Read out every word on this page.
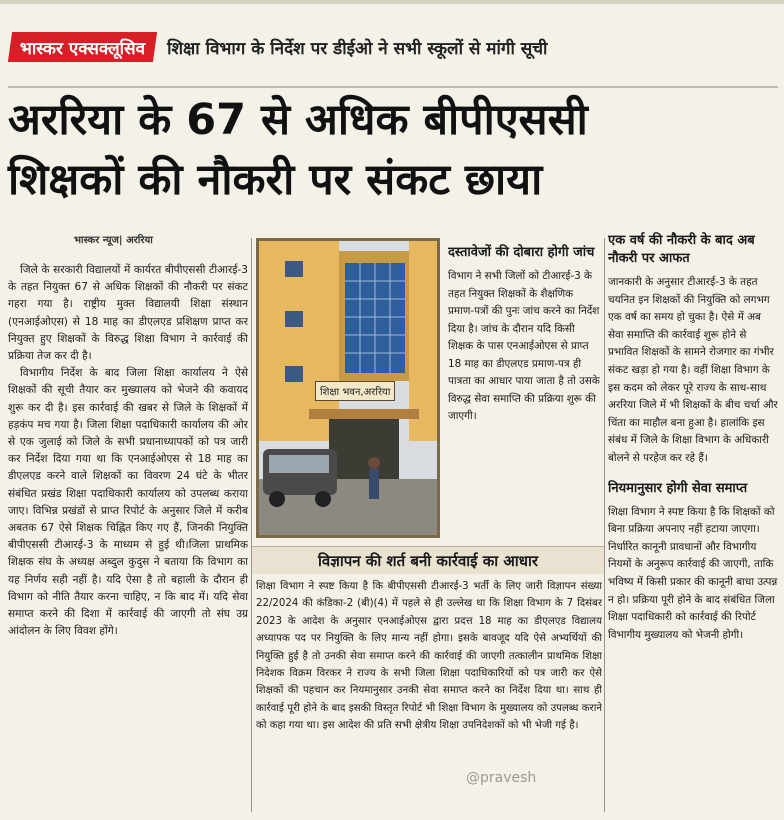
भास्कर एक्सक्लूसिव शिक्षा विभाग के निर्देश पर डीईओ ने सभी स्कूलों से मांगी सूची
अररिया के 67 से अधिक बीपीएससी
शिक्षकों की नौकरी पर संकट छाया
भास्कर न्यूज| अररिया

जिले के सरकारी विद्यालयों में कार्यरत बीपीएससी टीआरई-3 के तहत नियुक्त 67 से अधिक शिक्षकों की नौकरी पर संकट गहरा गया है। राष्ट्रीय मुक्त विद्यालयी शिक्षा संस्थान (एनआईओएस) से 18 माह का डीएलएड प्रशिक्षण प्राप्त कर नियुक्त हुए शिक्षकों के विरुद्ध शिक्षा विभाग ने कार्रवाई की प्रक्रिया तेज कर दी है।

विभागीय निर्देश के बाद जिला शिक्षा कार्यालय ने ऐसे शिक्षकों की सूची तैयार कर मुख्यालय को भेजने की कवायद शुरू कर दी है। इस कार्रवाई की खबर से जिले के शिक्षकों में हड़कंप मच गया है। जिला शिक्षा पदाधिकारी कार्यालय की ओर से एक जुलाई को जिले के सभी प्रधानाध्यापकों को पत्र जारी कर निर्देश दिया गया था कि एनआईओएस से 18 माह का डीएलएड करने वाले शिक्षकों का विवरण 24 घंटे के भीतर संबंधित प्रखंड शिक्षा पदाधिकारी कार्यालय को उपलब्ध कराया जाए। विभिन्न प्रखंडों से प्राप्त रिपोर्ट के अनुसार जिले में करीब अबतक 67 ऐसे शिक्षक चिह्नित किए गए हैं, जिनकी नियुक्ति बीपीएससी टीआरई-3 के माध्यम से हुई थी।जिला प्राथमिक शिक्षक संघ के अध्यक्ष अब्दुल कुदुस ने बताया कि विभाग का यह निर्णय सही नहीं है। यदि ऐसा है तो बहाली के दौरान ही विभाग को नीति तैयार करना चाहिए, न कि बाद में। यदि सेवा समाप्त करने की दिशा में कार्रवाई की जाएगी तो संघ उग्र आंदोलन के लिए विवश होंगे।

शिक्षा भवन,अररिया
दस्तावेजों की दोबारा होगी जांच
विभाग ने सभी जिलों को टीआरई-3 के तहत नियुक्त शिक्षकों के शैक्षणिक प्रमाण-पत्रों की पुनः जांच करने का निर्देश दिया है। जांच के दौरान यदि किसी शिक्षक के पास एनआईओएस से प्राप्त 18 माह का डीएलएड प्रमाण-पत्र ही पात्रता का आधार पाया जाता है तो उसके विरुद्ध सेवा समाप्ति की प्रक्रिया शुरू की जाएगी।
विज्ञापन की शर्त बनी कार्रवाई का आधार
शिक्षा विभाग ने स्पष्ट किया है कि बीपीएससी टीआरई-3 भर्ती के लिए जारी विज्ञापन संख्या 22/2024 की कंडिका-2 (बी)(4) में पहले से ही उल्लेख था कि शिक्षा विभाग के 7 दिसंबर 2023 के आदेश के अनुसार एनआईओएस द्वारा प्रदत्त 18 माह का डीएलएड विद्यालय अध्यापक पद पर नियुक्ति के लिए मान्य नहीं होगा। इसके बावजूद यदि ऐसे अभ्यर्थियों की नियुक्ति हुई है तो उनकी सेवा समाप्त करने की कार्रवाई की जाएगी तत्कालीन प्राथमिक शिक्षा निदेशक विक्रम विरकर ने राज्य के सभी जिला शिक्षा पदाधिकारियों को पत्र जारी कर ऐसे शिक्षकों की पहचान कर नियमानुसार उनकी सेवा समाप्त करने का निर्देश दिया था। साथ ही कार्रवाई पूरी होने के बाद इसकी विस्तृत रिपोर्ट भी शिक्षा विभाग के मुख्यालय को उपलब्ध कराने को कहा गया था। इस आदेश की प्रति सभी क्षेत्रीय शिक्षा उपनिदेशकों को भी भेजी गई है।
@pravesh
एक वर्ष की नौकरी के बाद अब नौकरी पर आफत
जानकारी के अनुसार टीआरई-3 के तहत चयनित इन शिक्षकों की नियुक्ति को लगभग एक वर्ष का समय हो चुका है। ऐसे में अब सेवा समाप्ति की कार्रवाई शुरू होने से प्रभावित शिक्षकों के सामने रोजगार का गंभीर संकट खड़ा हो गया है। वहीं शिक्षा विभाग के इस कदम को लेकर पूरे राज्य के साथ-साथ अररिया जिले में भी शिक्षकों के बीच चर्चा और चिंता का माहौल बना हुआ है। हालांकि इस संबंध में जिले के शिक्षा विभाग के अधिकारी बोलने से परहेज कर रहे हैं।
नियमानुसार होगी सेवा समाप्त
शिक्षा विभाग ने स्पष्ट किया है कि शिक्षकों को बिना प्रक्रिया अपनाए नहीं हटाया जाएगा। निर्धारित कानूनी प्रावधानों और विभागीय नियमों के अनुरूप कार्रवाई की जाएगी, ताकि भविष्य में किसी प्रकार की कानूनी बाधा उत्पन्न न हो। प्रक्रिया पूरी होने के बाद संबंधित जिला शिक्षा पदाधिकारी को कार्रवाई की रिपोर्ट विभागीय मुख्यालय को भेजनी होगी।
